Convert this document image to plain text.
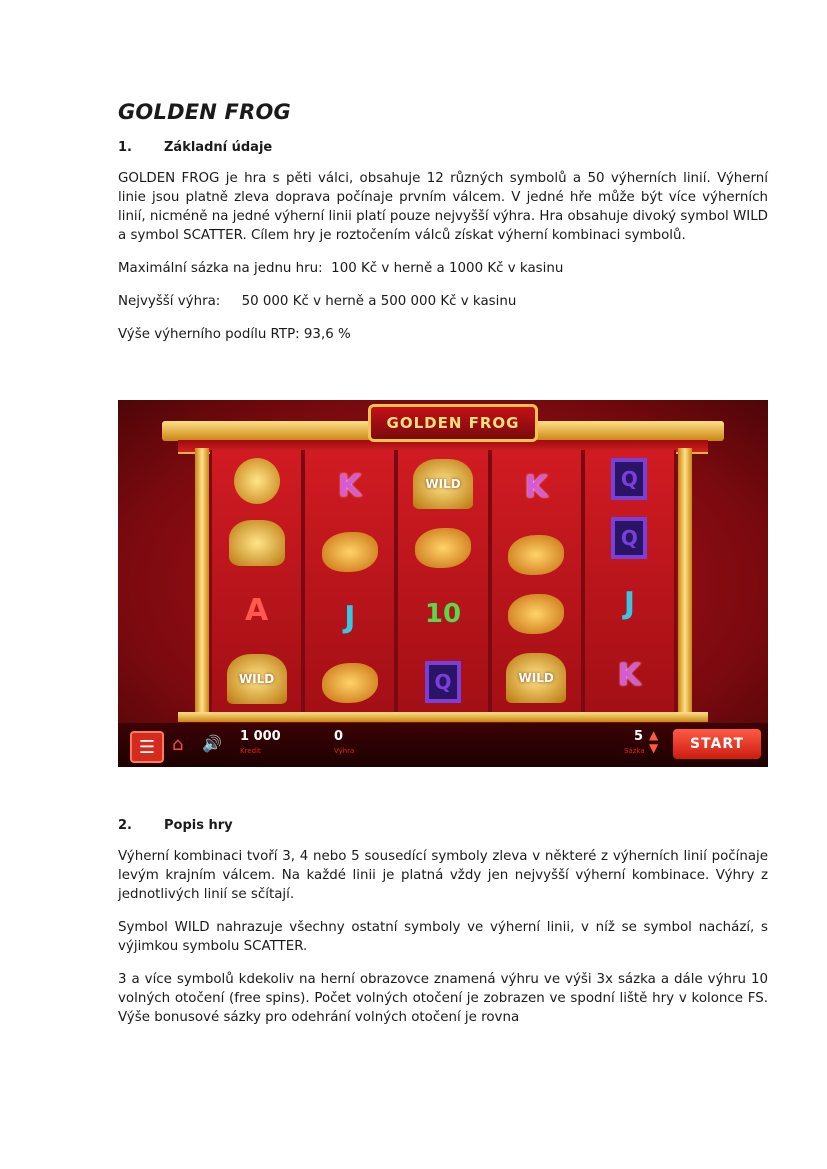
GOLDEN FROG
1.	Základní údaje

GOLDEN FROG je hra s pěti válci, obsahuje 12 různých symbolů a 50 výherních linií. Výherní linie jsou platně zleva doprava počínaje prvním válcem. V jedné hře může být více výherních linií, nicméně na jedné výherní linii platí pouze nejvyšší výhra. Hra obsahuje divoký symbol WILD a symbol SCATTER. Cílem hry je roztočením válců získat výherní kombinaci symbolů.

Maximální sázka na jednu hru:  100 Kč v herně a 1000 Kč v kasinu

Nejvyšší výhra:     50 000 Kč v herně a 500 000 Kč v kasinu

Výše výherního podílu RTP: 93,6 %

GOLDEN FROG
A
WILD
K
J
WILD
10
Q
K
WILD
Q
Q
J
K
☰ ⌂ 🔊 1 000
Kredit
0
Výhra
5
Sázka
▲
▼	START
2.	Popis hry

Výherní kombinaci tvoří 3, 4 nebo 5 sousedící symboly zleva v některé z výherních linií počínaje levým krajním válcem. Na každé linii je platná vždy jen nejvyšší výherní kombinace. Výhry z jednotlivých linií se sčítají.

Symbol WILD nahrazuje všechny ostatní symboly ve výherní linii, v níž se symbol nachází, s výjimkou symbolu SCATTER.

3 a více symbolů kdekoliv na herní obrazovce znamená výhru ve výši 3x sázka a dále výhru 10 volných otočení (free spins). Počet volných otočení je zobrazen ve spodní liště hry v kolonce FS. Výše bonusové sázky pro odehrání volných otočení je rovna
